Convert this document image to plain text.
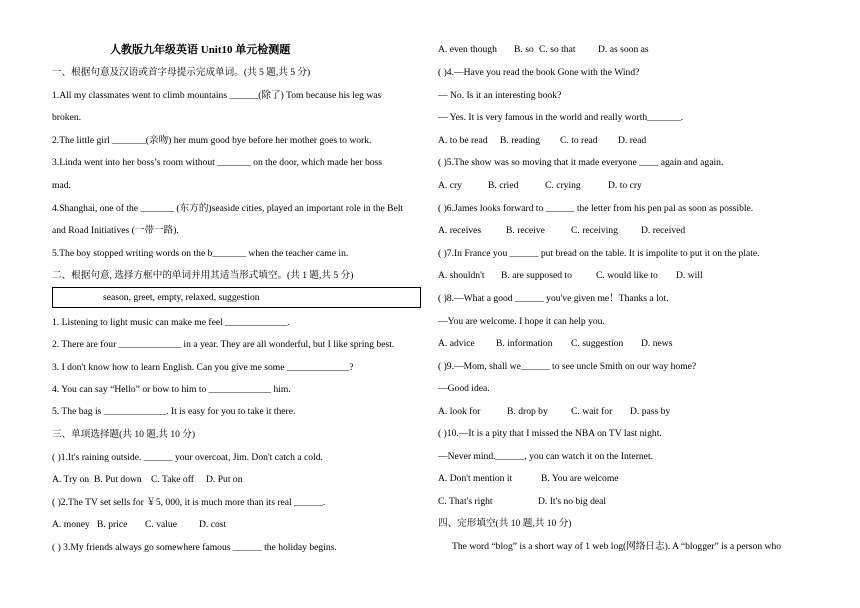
人教版九年级英语 Unit10 单元检测题
一、根据句意及汉语或首字母提示完成单词。(共 5 题,共 5 分)
1.All my classmates went to climb mountains ______(除了) Tom because his leg was
broken.
2.The little girl _______(亲吻) her mum good bye before her mother goes to work.
3.Linda went into her boss’s room without _______ on the door, which made her boss
mad.
4.Shanghai, one of the _______ (东方的)seaside cities, played an important role in the Belt
and Road Initiatives (一带一路).
5.The boy stopped writing words on the b_______ when the teacher came in.
二、根据句意, 选择方框中的单词并用其适当形式填空。(共 1 题,共 5 分)
season, greet, empty, relaxed, suggestion
1. Listening to light music can make me feel _____________.
2. There are four _____________ in a year. They are all wonderful, but I like spring best.
3. I don't know how to learn English. Can you give me some _____________?
4. You can say “Hello” or bow to him to _____________ him.
5. The bag is _____________. It is easy for you to take it there.
三、单项选择题(共 10 题,共 10 分)
( )1.It's raining outside. ______ your overcoat, Jim. Don't catch a cold.
A. Try on B. Put down C. Take off D. Put on
( )2.The TV set sells for ￥5, 000, it is much more than its real ______.
A. money B. price C. value D. cost
( ) 3.My friends always go somewhere famous ______ the holiday begins.
A. even though B. so C. so that D. as soon as
( )4.—Have you read the book Gone with the Wind?
— No. Is it an interesting book?
— Yes. It is very famous in the world and really worth_______.
A. to be read B. reading C. to read D. read
( )5.The show was so moving that it made everyone ____ again and again.
A. cry	B. cried	C. crying	D. to cry
( )6.James looks forward to ______ the letter from his pen pal as soon as possible.
A. receives	B. receive	C. receiving D. received
( )7.In France you ______ put bread on the table. It is impolite to put it on the plate.
A. shouldn't B. are supposed to	C. would like to D. will
( )8.—What a good ______ you've given me！Thanks a lot.
—You are welcome. I hope it can help you.
A. advice B. information C. suggestion D. news
( )9.—Mom, shall we______ to see uncle Smith on our way home?
—Good idea.
A. look for	B. drop by C. wait for D. pass by
( )10.—It is a pity that I missed the NBA on TV last night.
—Never mind.______, you can watch it on the Internet.
A. Don't mention it	B. You are welcome
C. That's right	D. It's no big deal
四、完形填空(共 10 题,共 10 分)
The word “blog” is a short way of 1 web log(网络日志). A “blogger” is a person who
